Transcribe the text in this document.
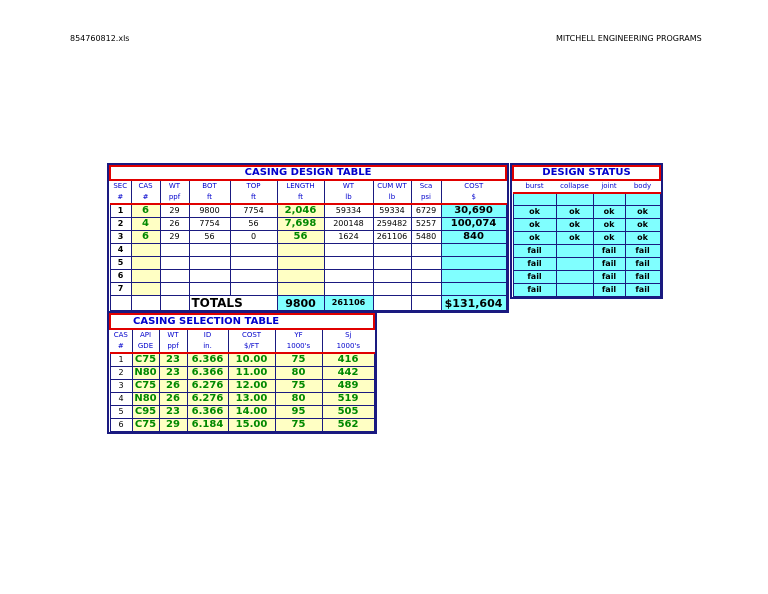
854760812.xls	MITCHELL ENGINEERING PROGRAMS
CASING DESIGN TABLE									
SEC	CAS	WT	BOT	TOP	LENGTH	WT	CUM WT	Sca	COST
#	#	ppf	ft	ft	ft	lb	lb	psi	$
1	6	29	9800	7754	2,046	59334	59334	6729	30,690
2	4	26	7754	56	7,698	200148	259482	5257	100,074
3	6	29	56	0	56	1624	261106	5480	840
4									
5									
6									
7									
			TOTALS		9800	261106			$131,604
DESIGN STATUS			
burst	collapse	joint	body

ok	ok	ok	ok
ok	ok	ok	ok
ok	ok	ok	ok
fail		fail	fail
fail		fail	fail
fail		fail	fail
fail		fail	fail
CASING SELECTION TABLE						
CAS	API	WT	ID	COST	YF	Sj
#	GDE	ppf	in.	$/FT	1000's	1000's
1	C75	23	6.366	10.00	75	416
2	N80	23	6.366	11.00	80	442
3	C75	26	6.276	12.00	75	489
4	N80	26	6.276	13.00	80	519
5	C95	23	6.366	14.00	95	505
6	C75	29	6.184	15.00	75	562
